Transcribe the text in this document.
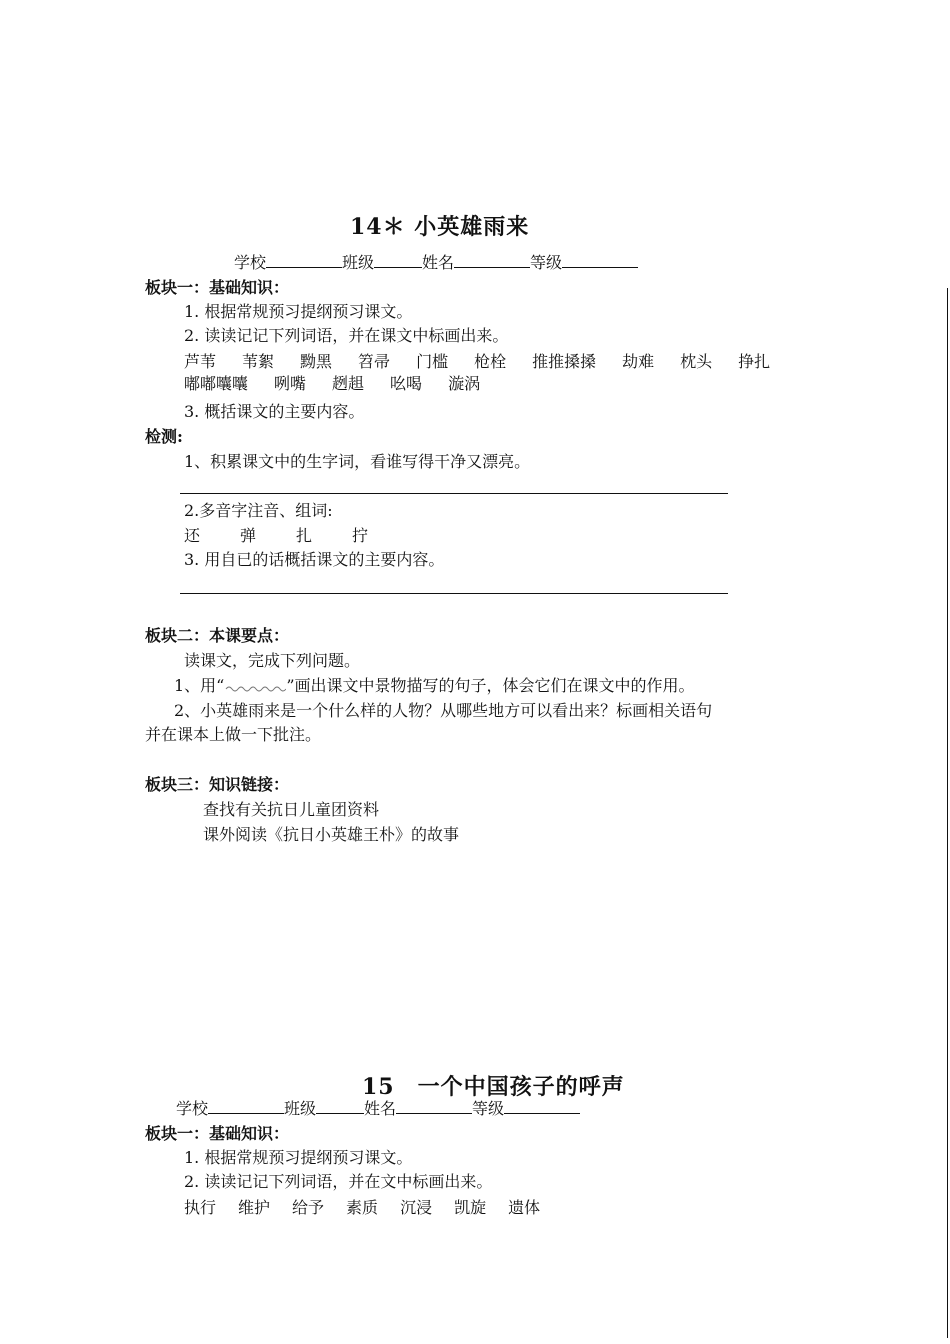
14＊ 小英雄雨来
学校	班级	姓名	等级
板块一：基础知识：
1. 根据常规预习提纲预习课文。
2. 读读记记下列词语，并在课文中标画出来。
芦苇 苇絮 黝黑 笤帚 门槛 枪栓 推推搡搡 劫难 枕头 挣扎
嘟嘟囔囔 咧嘴 趔趄 吆喝 漩涡
3. 概括课文的主要内容。
检测:
1、积累课文中的生字词，看谁写得干净又漂亮。
2.多音字注音、组词:
还	弹	扎	拧
3. 用自已的话概括课文的主要内容。
板块二：本课要点：
读课文，完成下列问题。
1、用“	”画出课文中景物描写的句子，体会它们在课文中的作用。
2、小英雄雨来是一个什么样的人物？从哪些地方可以看出来？标画相关语句
并在课本上做一下批注。
板块三：知识链接：
查找有关抗日儿童团资料
课外阅读《抗日小英雄王朴》的故事
15　一个中国孩子的呼声
学校	班级	姓名	等级
板块一：基础知识：
1. 根据常规预习提纲预习课文。
2. 读读记记下列词语，并在文中标画出来。
执行 维护 给予 素质 沉浸 凯旋 遗体
